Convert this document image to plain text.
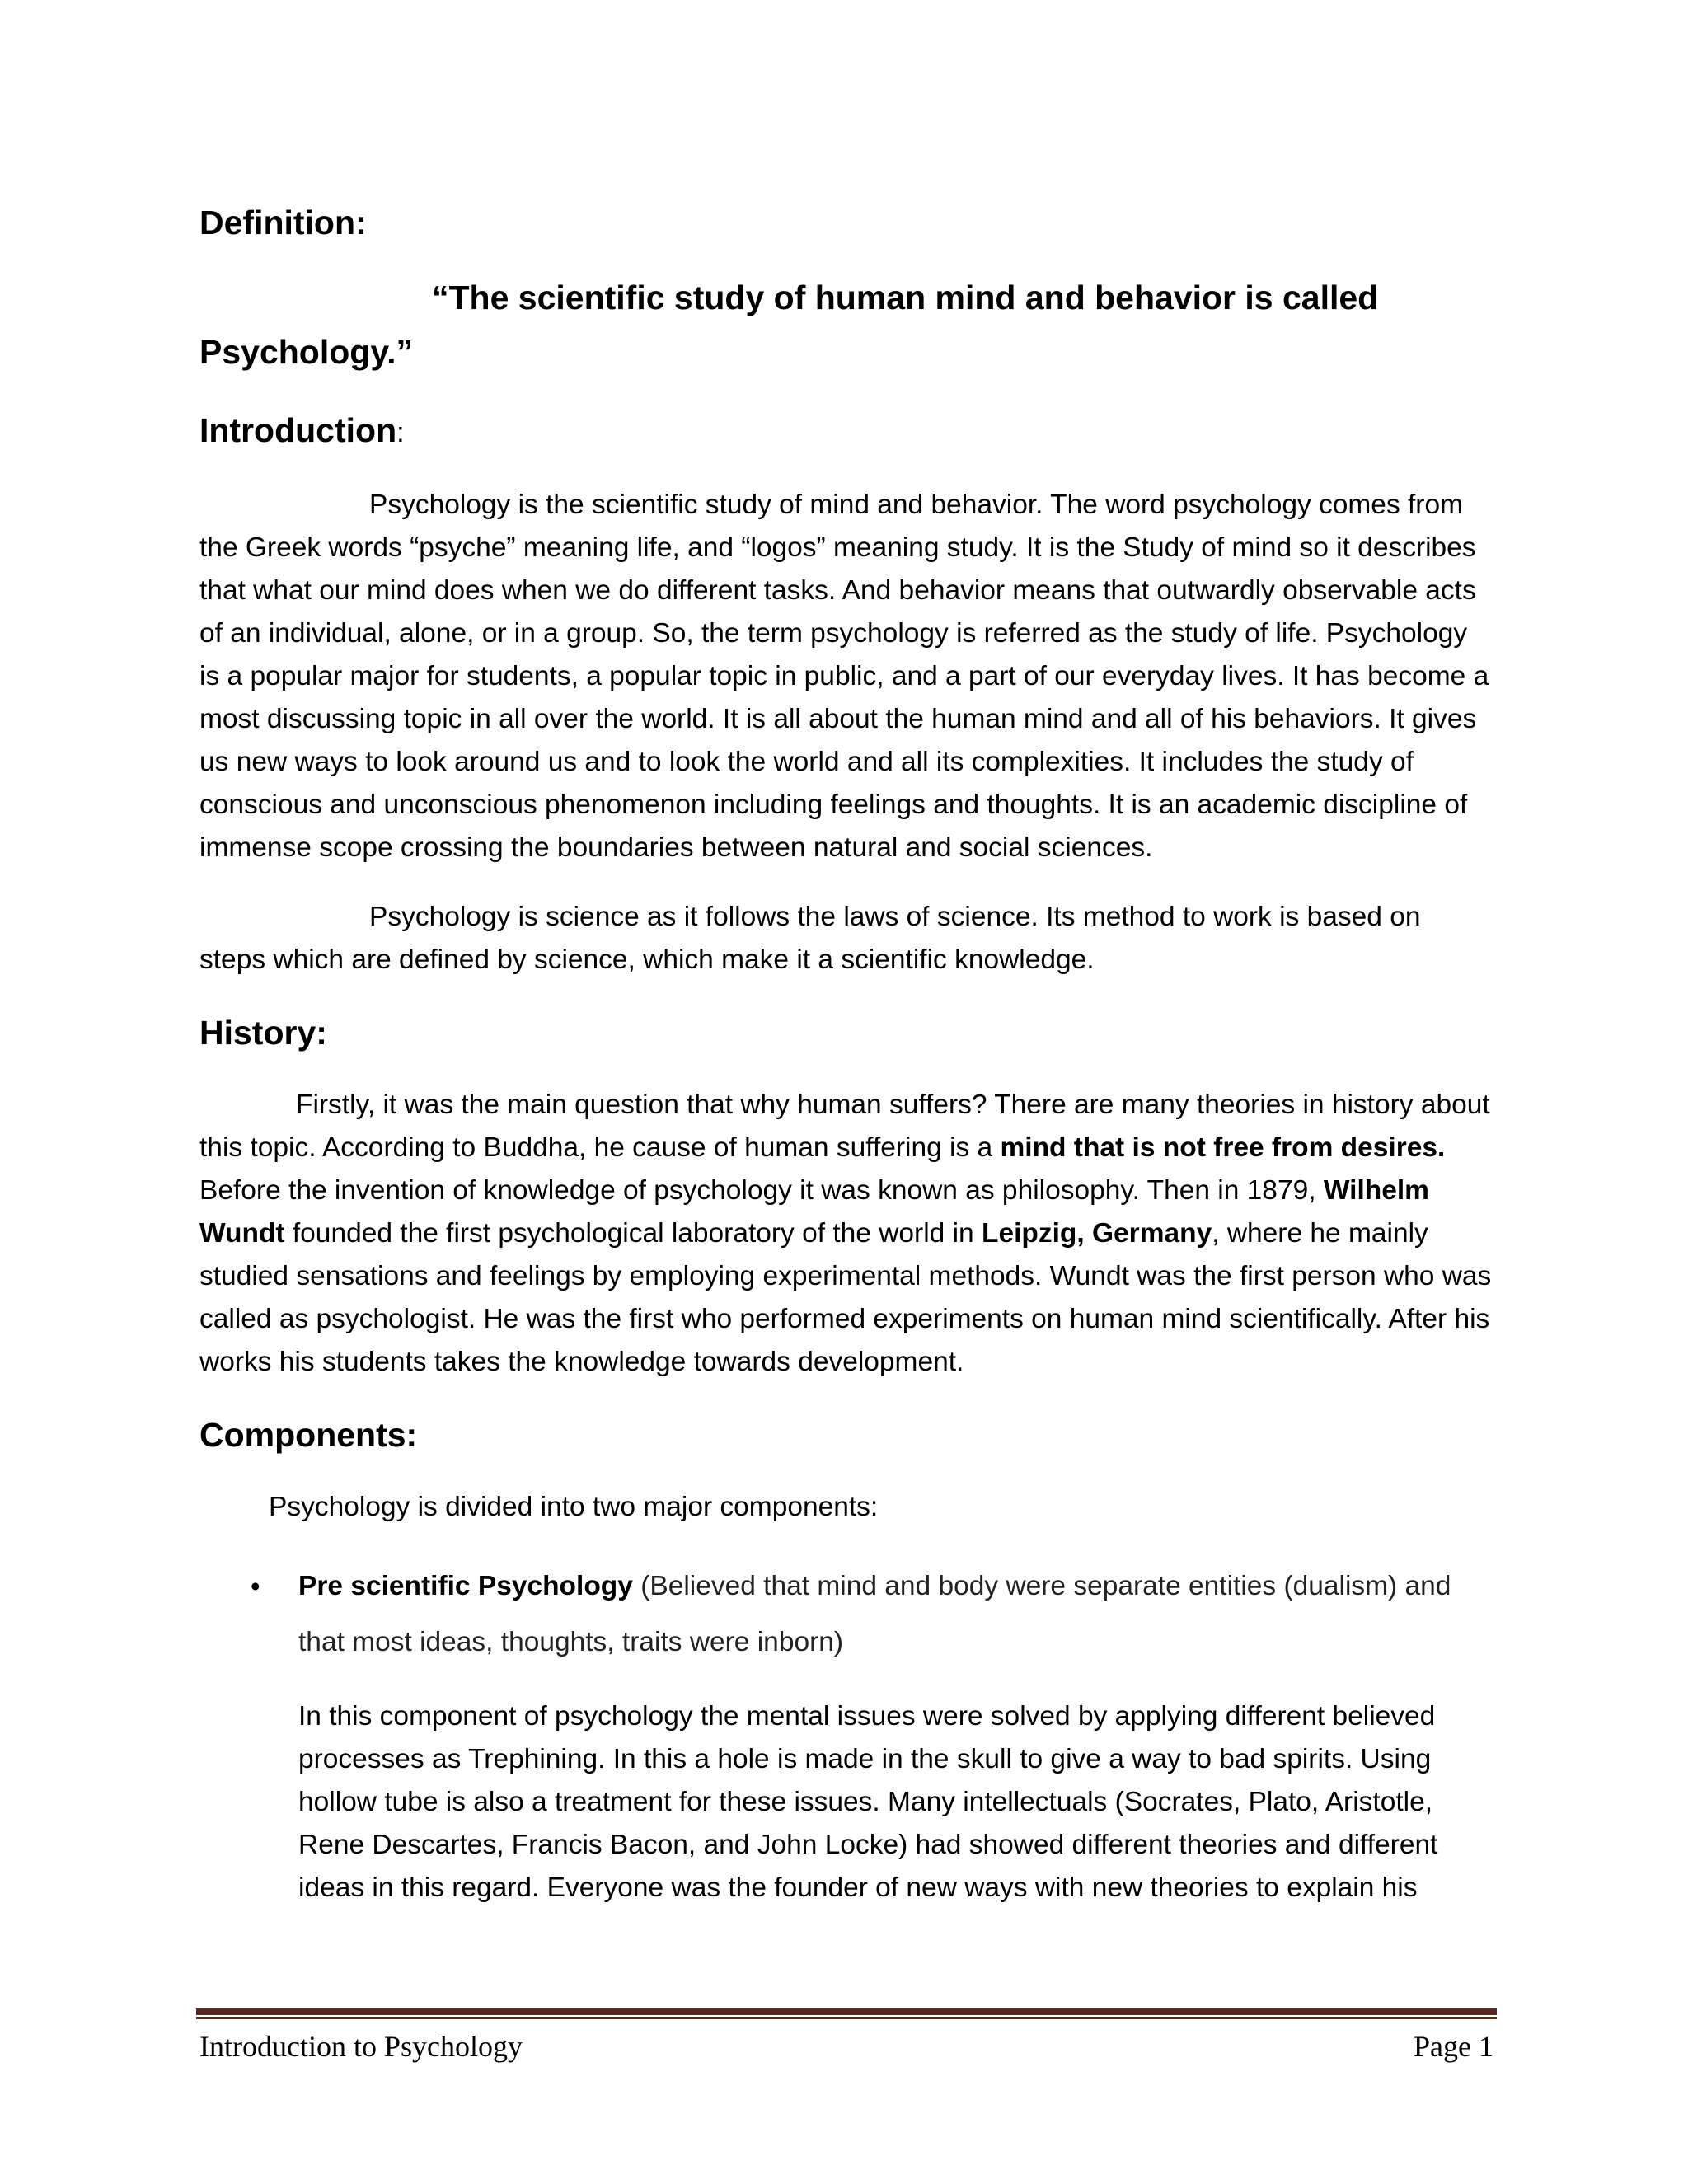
Definition:
“The scientific study of human mind and behavior is called Psychology.”
Introduction:

Psychology is the scientific study of mind and behavior. The word psychology comes from the Greek words “psyche” meaning life, and “logos” meaning study. It is the Study of mind so it describes that what our mind does when we do different tasks. And behavior means that outwardly observable acts of an individual, alone, or in a group. So, the term psychology is referred as the study of life. Psychology is a popular major for students, a popular topic in public, and a part of our everyday lives. It has become a most discussing topic in all over the world. It is all about the human mind and all of his behaviors. It gives us new ways to look around us and to look the world and all its complexities. It includes the study of conscious and unconscious phenomenon including feelings and thoughts. It is an academic discipline of immense scope crossing the boundaries between natural and social sciences.

Psychology is science as it follows the laws of science. Its method to work is based on steps which are defined by science, which make it a scientific knowledge.

History:

Firstly, it was the main question that why human suffers? There are many theories in history about this topic. According to Buddha, he cause of human suffering is a mind that is not free from desires. Before the invention of knowledge of psychology it was known as philosophy. Then in 1879, Wilhelm Wundt founded the first psychological laboratory of the world in Leipzig, Germany, where he mainly studied sensations and feelings by employing experimental methods. Wundt was the first person who was called as psychologist. He was the first who performed experiments on human mind scientifically. After his works his students takes the knowledge towards development.

Components:

Psychology is divided into two major components:

• Pre scientific Psychology (Believed that mind and body were separate entities (dualism) and that most ideas, thoughts, traits were inborn)

In this component of psychology the mental issues were solved by applying different believed processes as Trephining. In this a hole is made in the skull to give a way to bad spirits. Using hollow tube is also a treatment for these issues. Many intellectuals (Socrates, Plato, Aristotle, Rene Descartes, Francis Bacon, and John Locke) had showed different theories and different ideas in this regard. Everyone was the founder of new ways with new theories to explain his

Introduction to Psychology	Page 1
